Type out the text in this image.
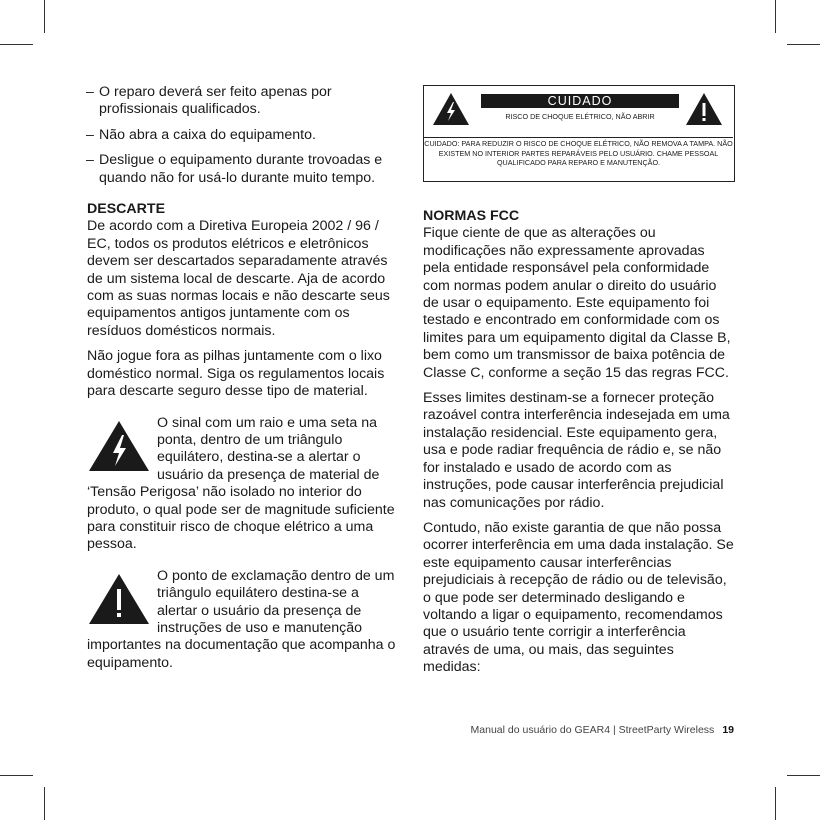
– O reparo deverá ser feito apenas por profissionais qualificados.
– Não abra a caixa do equipamento.
– Desligue o equipamento durante trovoadas e quando não for usá-lo durante muito tempo.
DESCARTE

De acordo com a Diretiva Europeia 2002 / 96 / EC, todos os produtos elétricos e eletrônicos devem ser descartados separadamente através de um sistema local de descarte. Aja de acordo com as suas normas locais e não descarte seus equipamentos antigos juntamente com os resíduos domésticos normais.

Não jogue fora as pilhas juntamente com o lixo doméstico normal. Siga os regulamentos locais para descarte seguro desse tipo de material.

O sinal com um raio e uma seta na ponta, dentro de um triângulo equilátero, destina-se a alertar o usuário da presença de material de ‘Tensão Perigosa’ não isolado no interior do produto, o qual pode ser de magnitude suficiente para constituir risco de choque elétrico a uma pessoa.

O ponto de exclamação dentro de um triângulo equilátero destina-se a alertar o usuário da presença de instruções de uso e manutenção importantes na documentação que acompanha o equipamento.

CUIDADO
RISCO DE CHOQUE ELÉTRICO, NÃO ABRIR
CUIDADO: PARA REDUZIR O RISCO DE CHOQUE ELÉTRICO, NÃO REMOVA A TAMPA. NÃO EXISTEM NO INTERIOR PARTES REPARÁVEIS PELO USUÁRIO. CHAME PESSOAL QUALIFICADO PARA REPARO E MANUTENÇÃO.
NORMAS FCC

Fique ciente de que as alterações ou modificações não expressamente aprovadas pela entidade responsável pela conformidade com normas podem anular o direito do usuário de usar o equipamento. Este equipamento foi testado e encontrado em conformidade com os limites para um equipamento digital da Classe B, bem como um transmissor de baixa potência de Classe C, conforme a seção 15 das regras FCC.

Esses limites destinam-se a fornecer proteção razoável contra interferência indesejada em uma instalação residencial. Este equipamento gera, usa e pode radiar frequência de rádio e, se não for instalado e usado de acordo com as instruções, pode causar interferência prejudicial nas comunicações por rádio.

Contudo, não existe garantia de que não possa ocorrer interferência em uma dada instalação. Se este equipamento causar interferências prejudiciais à recepção de rádio ou de televisão, o que pode ser determinado desligando e voltando a ligar o equipamento, recomendamos que o usuário tente corrigir a interferência através de uma, ou mais, das seguintes medidas:

Manual do usuário do GEAR4 | StreetParty Wireless 19
